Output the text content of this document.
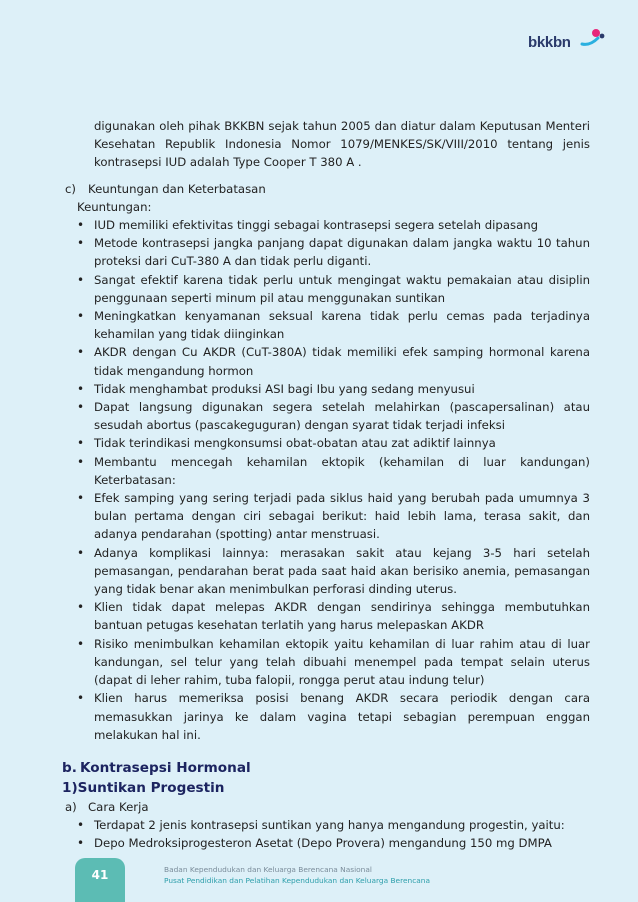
bkkbn

digunakan oleh pihak BKKBN sejak tahun 2005 dan diatur dalam Keputusan Menteri Kesehatan Republik Indonesia Nomor 1079/MENKES/SK/VIII/2010 tentang jenis kontrasepsi IUD adalah Type Cooper T 380 A .

c) Keuntungan dan Keterbatasan
Keuntungan:
• IUD memiliki efektivitas tinggi sebagai kontrasepsi segera setelah dipasang
• Metode kontrasepsi jangka panjang dapat digunakan dalam jangka waktu 10 tahun proteksi dari CuT-380 A dan tidak perlu diganti.
• Sangat efektif karena tidak perlu untuk mengingat waktu pemakaian atau disiplin penggunaan seperti minum pil atau menggunakan suntikan
• Meningkatkan kenyamanan seksual karena tidak perlu cemas pada terjadinya kehamilan yang tidak diinginkan
• AKDR dengan Cu AKDR (CuT-380A) tidak memiliki efek samping hormonal karena tidak mengandung hormon
• Tidak menghambat produksi ASI bagi Ibu yang sedang menyusui
• Dapat langsung digunakan segera setelah melahirkan (pascapersalinan) atau sesudah abortus (pascakeguguran) dengan syarat tidak terjadi infeksi
• Tidak terindikasi mengkonsumsi obat-obatan atau zat adiktif lainnya
• Membantu mencegah kehamilan ektopik (kehamilan di luar kandungan) Keterbatasan:
• Efek samping yang sering terjadi pada siklus haid yang berubah pada umumnya 3 bulan pertama dengan ciri sebagai berikut: haid lebih lama, terasa sakit, dan adanya pendarahan (spotting) antar menstruasi.
• Adanya komplikasi lainnya: merasakan sakit atau kejang 3-5 hari setelah pemasangan, pendarahan berat pada saat haid akan berisiko anemia, pemasangan yang tidak benar akan menimbulkan perforasi dinding uterus.
• Klien tidak dapat melepas AKDR dengan sendirinya sehingga membutuhkan bantuan petugas kesehatan terlatih yang harus melepaskan AKDR
• Risiko menimbulkan kehamilan ektopik yaitu kehamilan di luar rahim atau di luar kandungan, sel telur yang telah dibuahi menempel pada tempat selain uterus (dapat di leher rahim, tuba falopii, rongga perut atau indung telur)
• Klien harus memeriksa posisi benang AKDR secara periodik dengan cara memasukkan jarinya ke dalam vagina tetapi sebagian perempuan enggan melakukan hal ini.
b. Kontrasepsi Hormonal
1)Suntikan Progestin
a) Cara Kerja
• Terdapat 2 jenis kontrasepsi suntikan yang hanya mengandung progestin, yaitu:
• Depo Medroksiprogesteron Asetat (Depo Provera) mengandung 150 mg DMPA
41	Badan Kependudukan dan Keluarga Berencana Nasional
Pusat Pendidikan dan Pelatihan Kependudukan dan Keluarga Berencana
